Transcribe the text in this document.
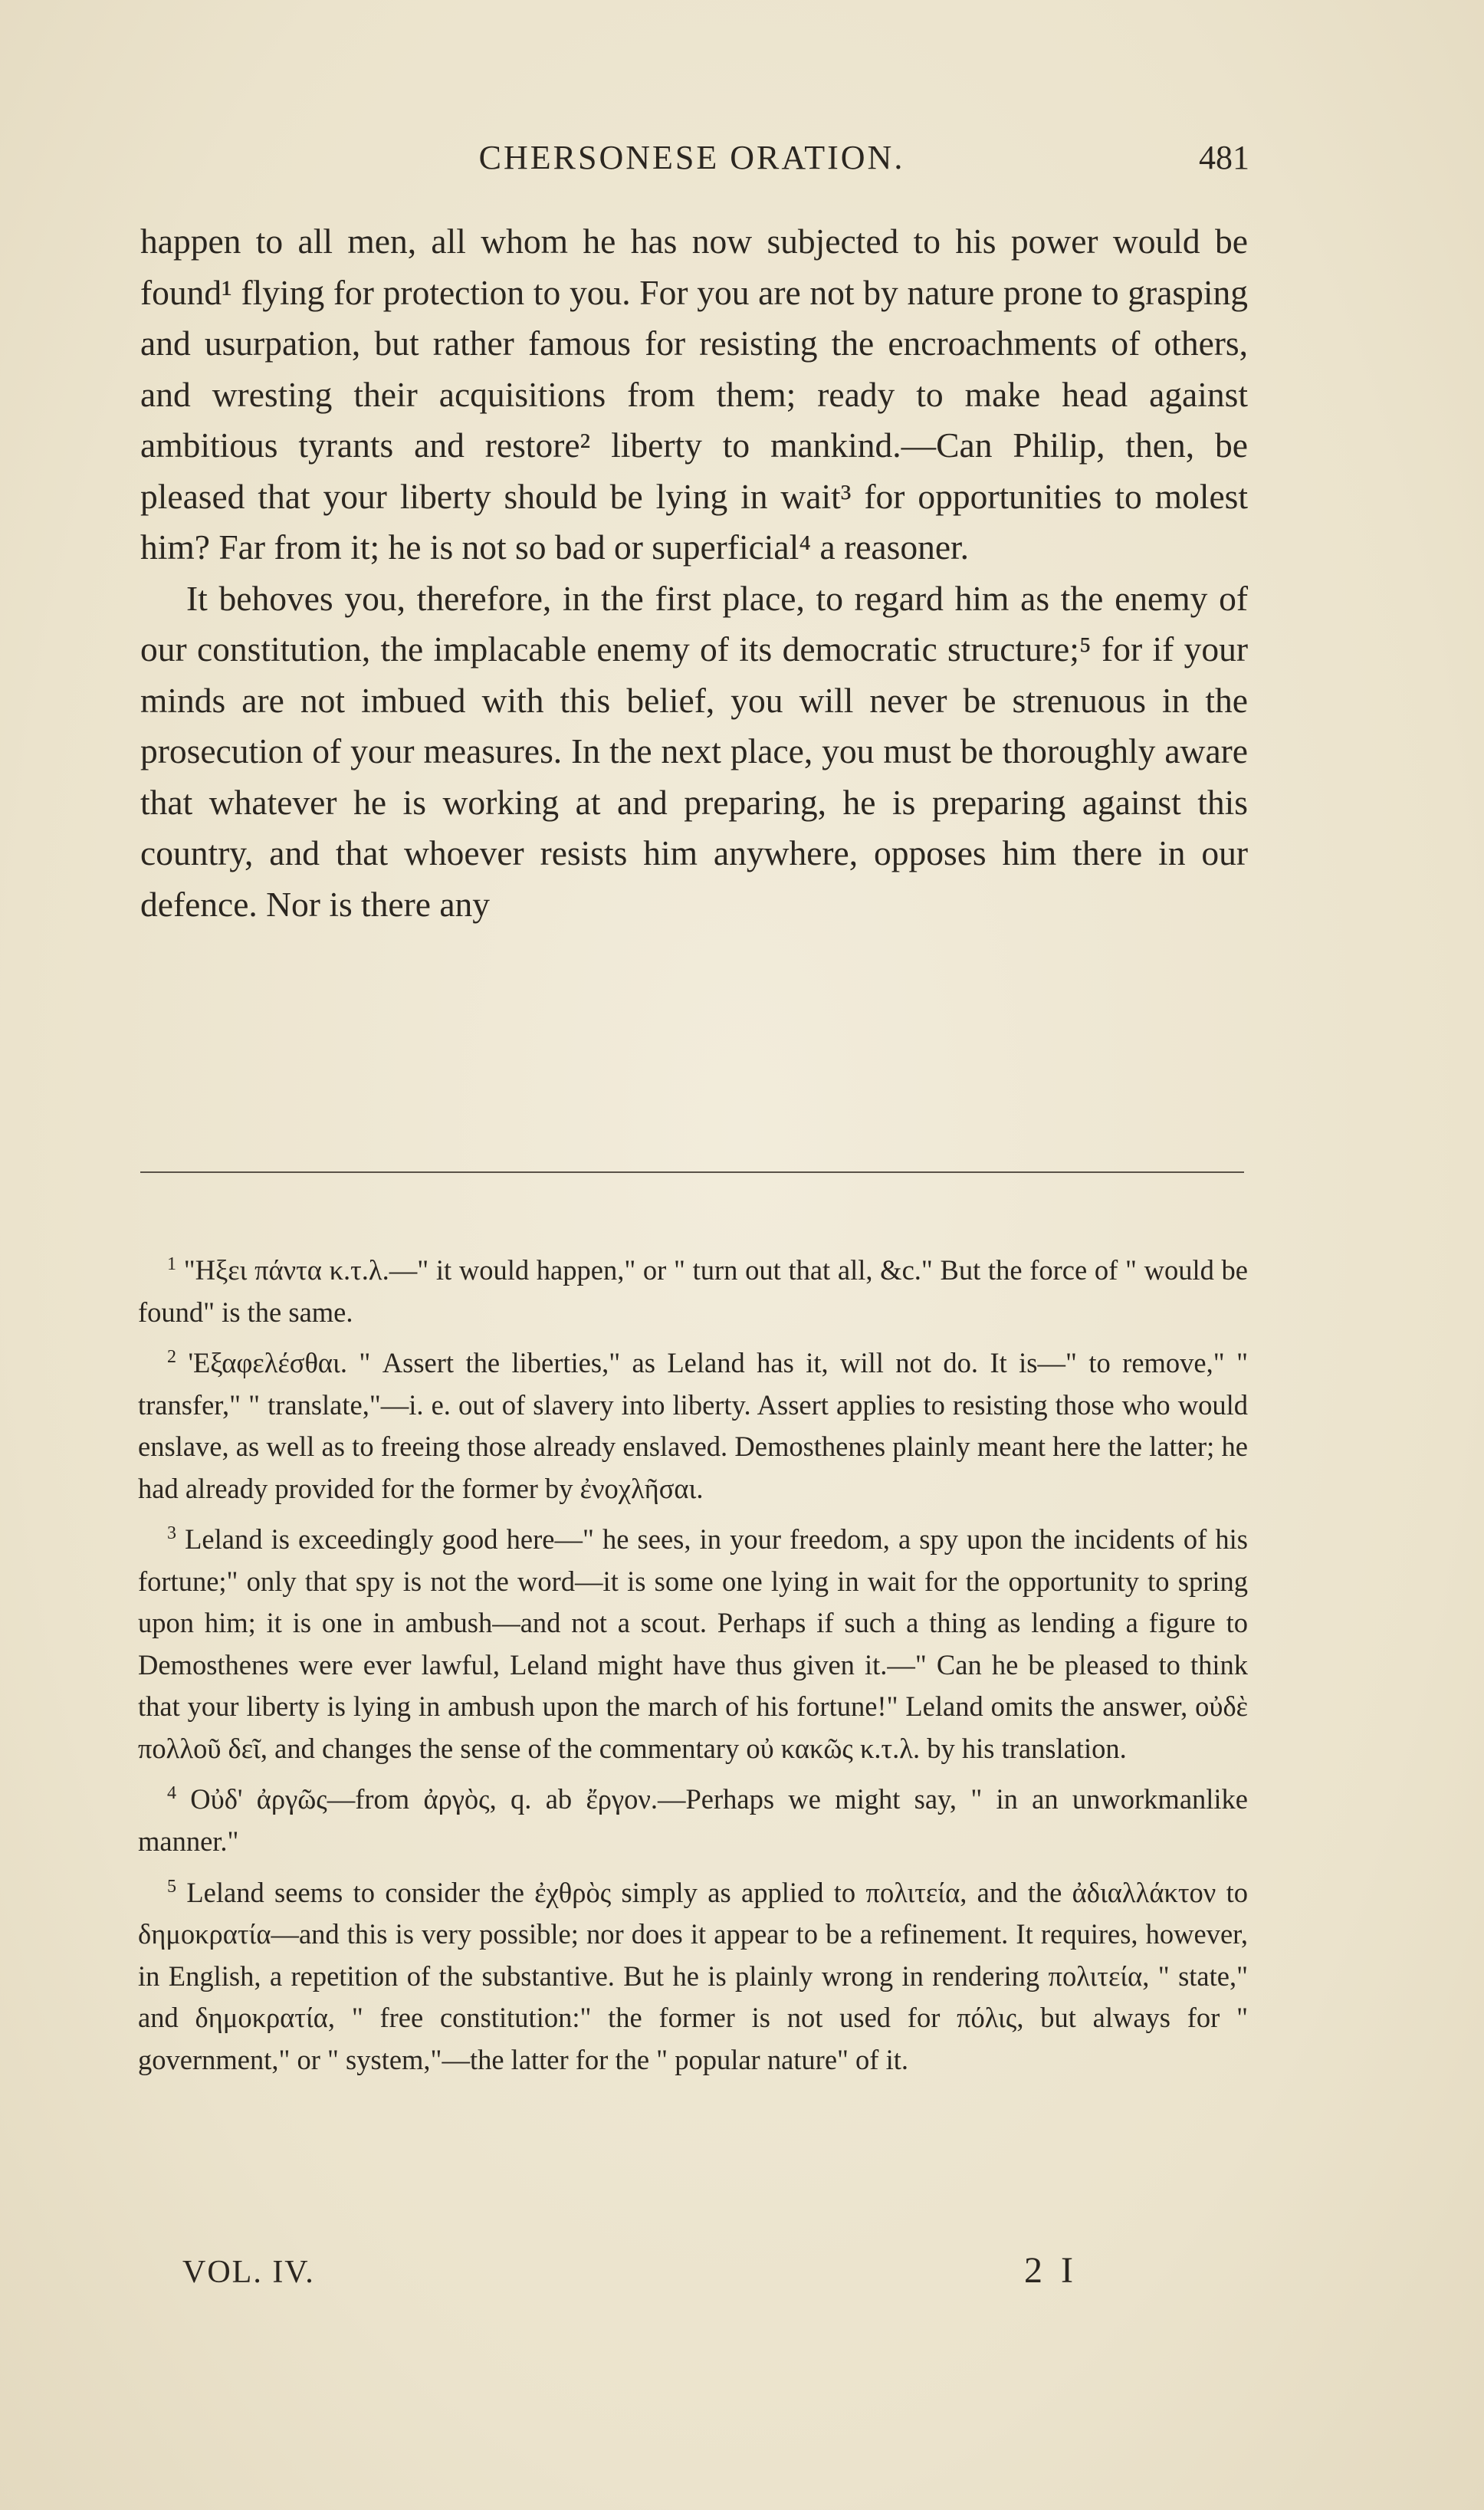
CHERSONESE ORATION.	481

happen to all men, all whom he has now subjected to his power would be found¹ flying for protection to you. For you are not by nature prone to grasping and usurpation, but rather famous for resisting the encroachments of others, and wresting their acquisitions from them; ready to make head against ambitious tyrants and restore² liberty to mankind.—Can Philip, then, be pleased that your liberty should be lying in wait³ for opportunities to molest him? Far from it; he is not so bad or superficial⁴ a reasoner.

It behoves you, therefore, in the first place, to regard him as the enemy of our constitution, the implacable enemy of its democratic structure;⁵ for if your minds are not imbued with this belief, you will never be strenuous in the prosecution of your measures. In the next place, you must be thoroughly aware that whatever he is working at and preparing, he is preparing against this country, and that whoever resists him anywhere, opposes him there in our defence. Nor is there any

$^1$ "Ηξει πάντα κ.τ.λ.—" it would happen," or " turn out that all, &c." But the force of " would be found" is the same.

$^2$ 'Εξαφελέσθαι. " Assert the liberties," as Leland has it, will not do. It is—" to remove," " transfer," " translate,"—i. e. out of slavery into liberty. Assert applies to resisting those who would enslave, as well as to freeing those already enslaved. Demosthenes plainly meant here the latter; he had already provided for the former by ἐνοχλῆσαι.

$^3$ Leland is exceedingly good here—" he sees, in your freedom, a spy upon the incidents of his fortune;" only that spy is not the word—it is some one lying in wait for the opportunity to spring upon him; it is one in ambush—and not a scout. Perhaps if such a thing as lending a figure to Demosthenes were ever lawful, Leland might have thus given it.—" Can he be pleased to think that your liberty is lying in ambush upon the march of his fortune!" Leland omits the answer, οὐδὲ πολλοῦ δεῖ, and changes the sense of the commentary οὐ κακῶς κ.τ.λ. by his translation.

$^4$ Οὐδ' ἀργῶς—from ἀργὸς, q. ab ἔργον.—Perhaps we might say, " in an unworkmanlike manner."

$^5$ Leland seems to consider the ἐχθρὸς simply as applied to πολιτεία, and the ἀδιαλλάκτον to δημοκρατία—and this is very possible; nor does it appear to be a refinement. It requires, however, in English, a repetition of the substantive. But he is plainly wrong in rendering πολιτεία, " state," and δημοκρατία, " free constitution:" the former is not used for πόλις, but always for " government," or " system,"—the latter for the " popular nature" of it.

VOL. IV.	2 I
